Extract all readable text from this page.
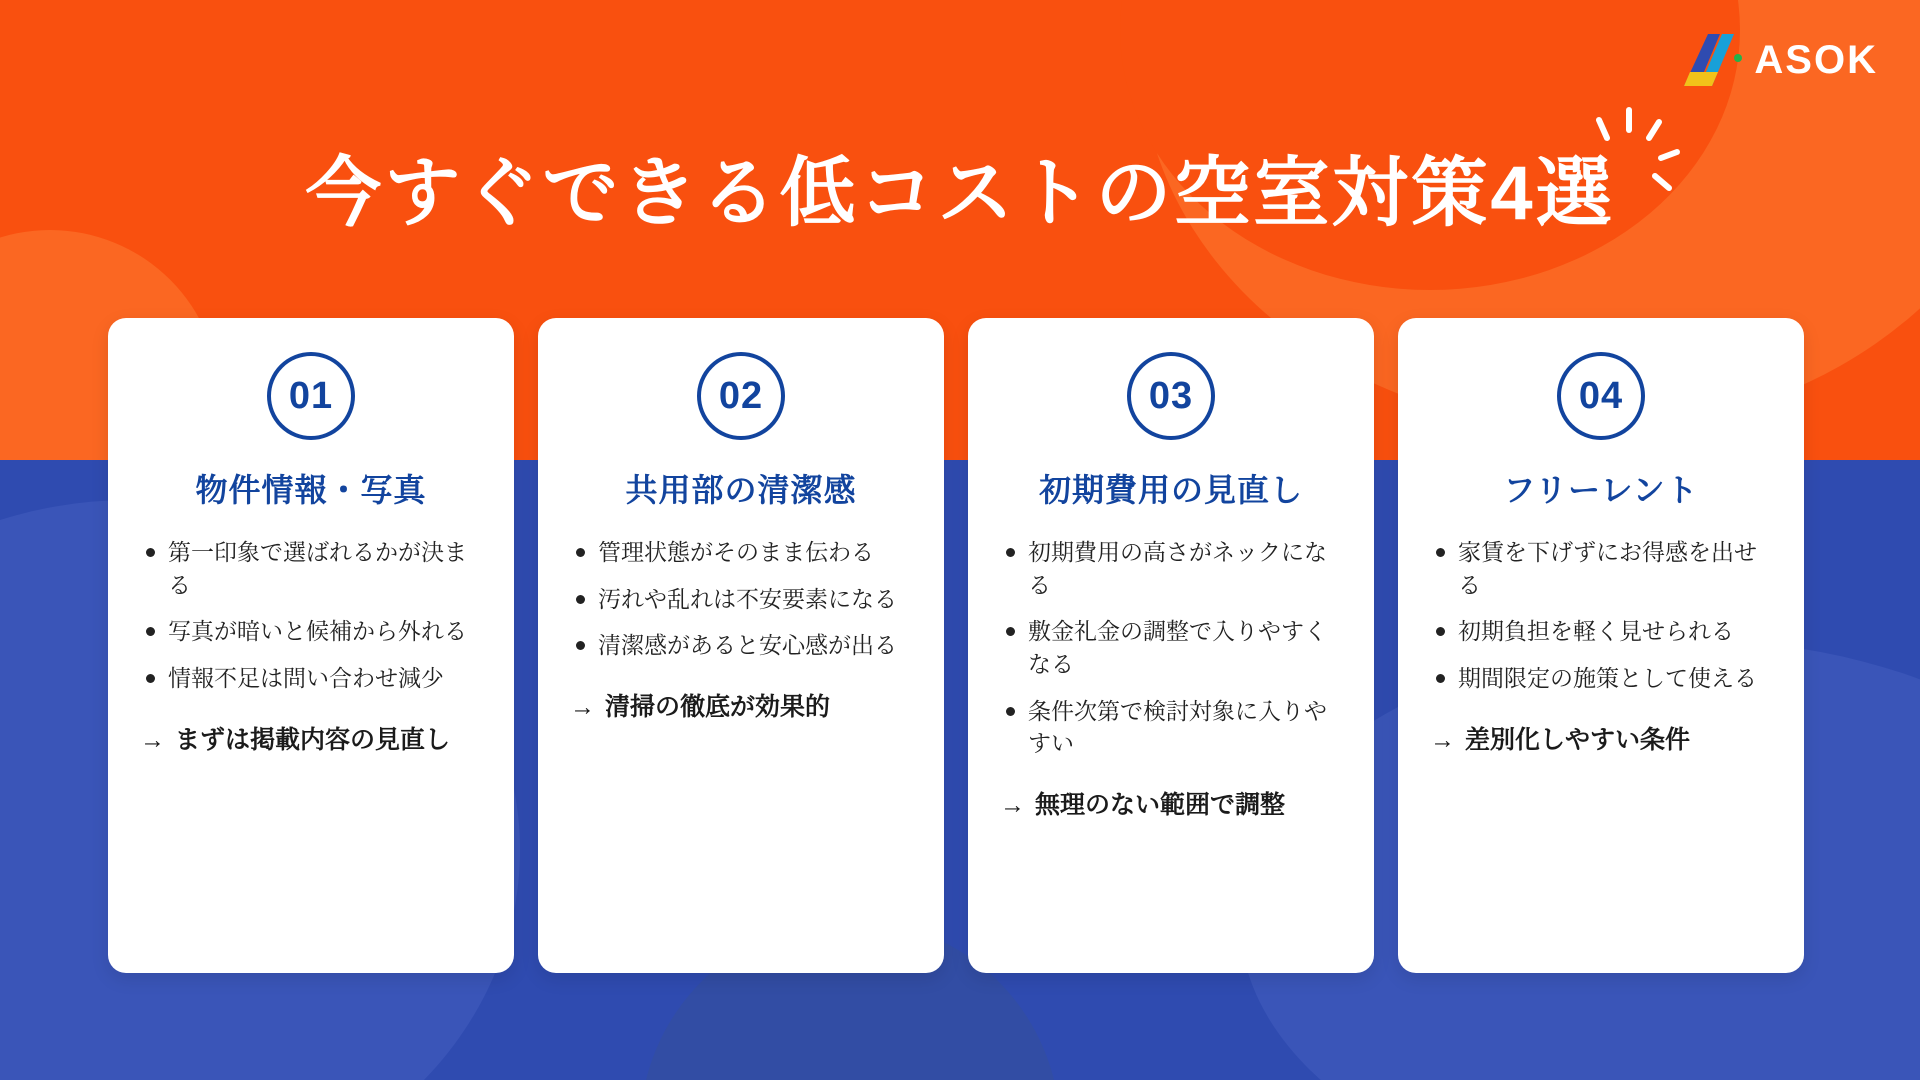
ASOK
今すぐできる低コストの空室対策4選
01
物件情報・写真
第一印象で選ばれるかが決まる
写真が暗いと候補から外れる
情報不足は問い合わせ減少
→ まずは掲載内容の見直し
02
共用部の清潔感
管理状態がそのまま伝わる
汚れや乱れは不安要素になる
清潔感があると安心感が出る
→ 清掃の徹底が効果的
03
初期費用の見直し
初期費用の高さがネックになる
敷金礼金の調整で入りやすくなる
条件次第で検討対象に入りやすい
→ 無理のない範囲で調整
04
フリーレント
家賃を下げずにお得感を出せる
初期負担を軽く見せられる
期間限定の施策として使える
→ 差別化しやすい条件
